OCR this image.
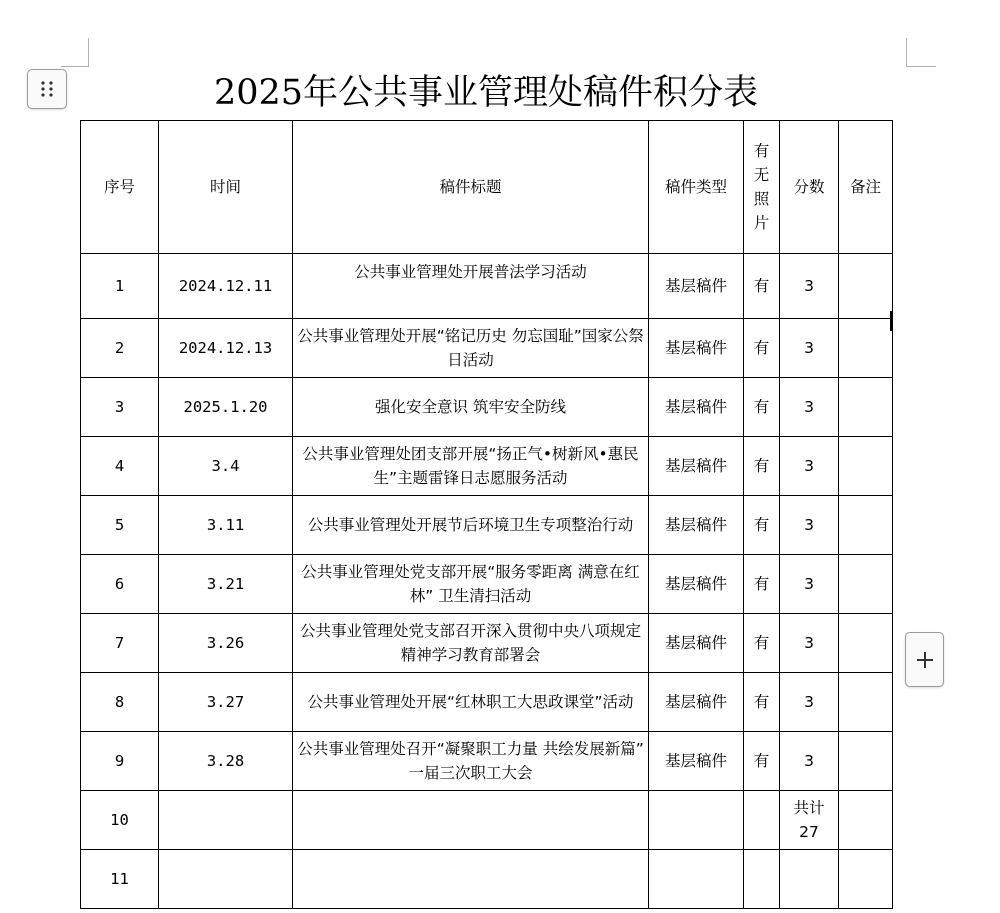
2025年公共事业管理处稿件积分表
序号	时间	稿件标题	稿件类型	有无照片	分数	备注
1	2024.12.11	公共事业管理处开展普法学习活动	基层稿件	有	3	
2	2024.12.13	公共事业管理处开展“铭记历史 勿忘国耻”国家公祭日活动	基层稿件	有	3	
3	2025.1.20	强化安全意识 筑牢安全防线	基层稿件	有	3	
4	3.4	公共事业管理处团支部开展“扬正气•树新风•惠民生”主题雷锋日志愿服务活动	基层稿件	有	3	
5	3.11	公共事业管理处开展节后环境卫生专项整治行动	基层稿件	有	3	
6	3.21	公共事业管理处党支部开展“服务零距离 满意在红林” 卫生清扫活动	基层稿件	有	3	
7	3.26	公共事业管理处党支部召开深入贯彻中央八项规定精神学习教育部署会	基层稿件	有	3	
8	3.27	公共事业管理处开展“红林职工大思政课堂”活动	基层稿件	有	3	
9	3.28	公共事业管理处召开“凝聚职工力量 共绘发展新篇” 一届三次职工大会	基层稿件	有	3	
10					共计27	
11						
